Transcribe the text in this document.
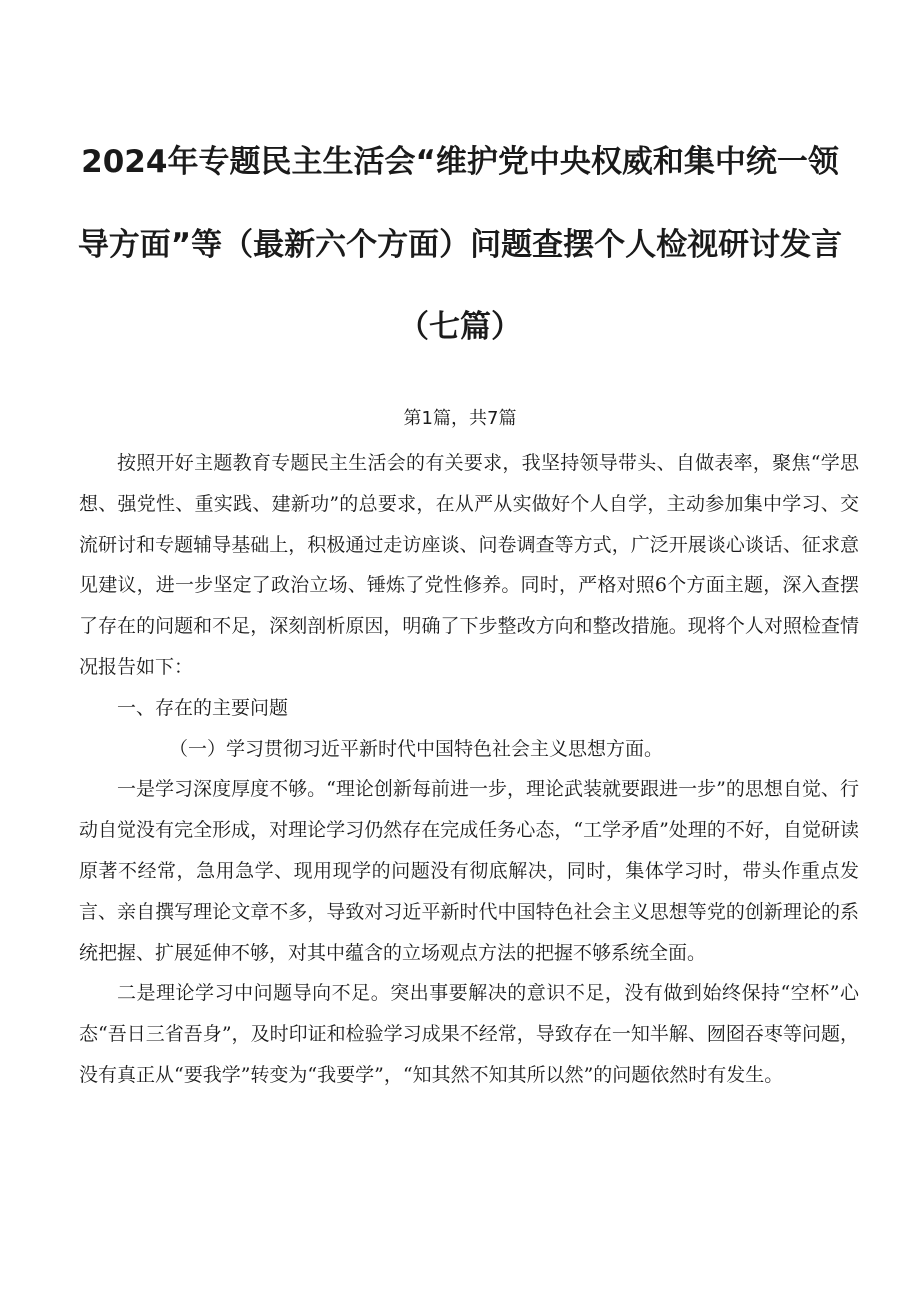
2024年专题民主生活会“维护党中央权威和集中统一领
导方面”等（最新六个方面）问题查摆个人检视研讨发言
（七篇）
第1篇，共7篇

按照开好主题教育专题民主生活会的有关要求，我坚持领导带头、自做表率，聚焦“学思想、强党性、重实践、建新功”的总要求，在从严从实做好个人自学，主动参加集中学习、交流研讨和专题辅导基础上，积极通过走访座谈、问卷调查等方式，广泛开展谈心谈话、征求意见建议，进一步坚定了政治立场、锤炼了党性修养。同时，严格对照6个方面主题，深入查摆了存在的问题和不足，深刻剖析原因，明确了下步整改方向和整改措施。现将个人对照检查情况报告如下：

一、存在的主要问题

（一）学习贯彻习近平新时代中国特色社会主义思想方面。

一是学习深度厚度不够。“理论创新每前进一步，理论武装就要跟进一步”的思想自觉、行动自觉没有完全形成，对理论学习仍然存在完成任务心态，“工学矛盾”处理的不好，自觉研读原著不经常，急用急学、现用现学的问题没有彻底解决，同时，集体学习时，带头作重点发言、亲自撰写理论文章不多，导致对习近平新时代中国特色社会主义思想等党的创新理论的系统把握、扩展延伸不够，对其中蕴含的立场观点方法的把握不够系统全面。

二是理论学习中问题导向不足。突出事要解决的意识不足，没有做到始终保持“空杯”心态“吾日三省吾身”，及时印证和检验学习成果不经常，导致存在一知半解、囫囵吞枣等问题，没有真正从“要我学”转变为“我要学”，“知其然不知其所以然”的问题依然时有发生。
